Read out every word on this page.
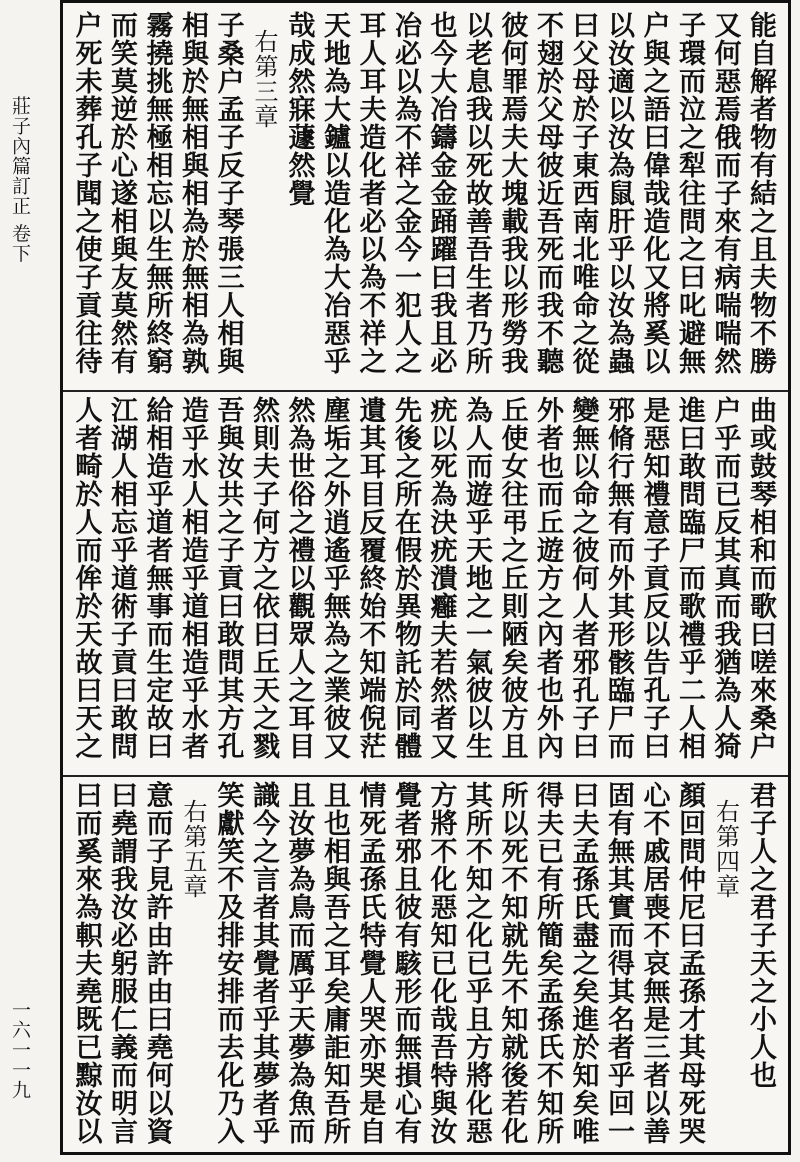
莊子內篇訂正 卷下
一六一一九
能自解者物有結之且夫物不勝
又何惡焉俄而子來有病喘喘然
子環而泣之犁往問之曰叱避無
户與之語曰偉哉造化又將奚以
以汝適以汝為鼠肝乎以汝為蟲
曰父母於子東西南北唯命之從
不翅於父母彼近吾死而我不聽
彼何罪焉夫大塊載我以形勞我
以老息我以死故善吾生者乃所
也今大冶鑄金金踊躍曰我且必
冶必以為不祥之金今一犯人之
耳人耳夫造化者必以為不祥之
天地為大鑪以造化為大冶惡乎
哉成然寐蘧然覺
右第三章
子桑户孟子反子琴張三人相與
相與於無相與相為於無相為孰
霧撓挑無極相忘以生無所終窮
而笑莫逆於心遂相與友莫然有
户死未葬孔子聞之使子貢往待
曲或鼓琴相和而歌曰嗟來桑户
户乎而已反其真而我猶為人猗
進曰敢問臨尸而歌禮乎二人相
是惡知禮意子貢反以告孔子曰
邪脩行無有而外其形骸臨尸而
變無以命之彼何人者邪孔子曰
外者也而丘遊方之內者也外內
丘使女往弔之丘則陋矣彼方且
為人而遊乎天地之一氣彼以生
疣以死為決疣潰癰夫若然者又
先後之所在假於異物託於同體
遺其耳目反覆終始不知端倪茫
塵垢之外逍遙乎無為之業彼又
然為世俗之禮以觀眾人之耳目
然則夫子何方之依曰丘天之戮
吾與汝共之子貢曰敢問其方孔
造乎水人相造乎道相造乎水者
給相造乎道者無事而生定故曰
江湖人相忘乎道術子貢曰敢問
人者畸於人而侔於天故曰天之
君子人之君子天之小人也
右第四章
顏回問仲尼曰孟孫才其母死哭
心不戚居喪不哀無是三者以善
固有無其實而得其名者乎回一
曰夫孟孫氏盡之矣進於知矣唯
得夫已有所簡矣孟孫氏不知所
所以死不知就先不知就後若化
其所不知之化已乎且方將化惡
方將不化惡知已化哉吾特與汝
覺者邪且彼有駭形而無損心有
情死孟孫氏特覺人哭亦哭是自
且也相與吾之耳矣庸詎知吾所
且汝夢為鳥而厲乎天夢為魚而
識今之言者其覺者乎其夢者乎
笑獻笑不及排安排而去化乃入
右第五章
意而子見許由許由曰堯何以資
曰堯謂我汝必躬服仁義而明言
曰而奚來為軹夫堯既已黥汝以
